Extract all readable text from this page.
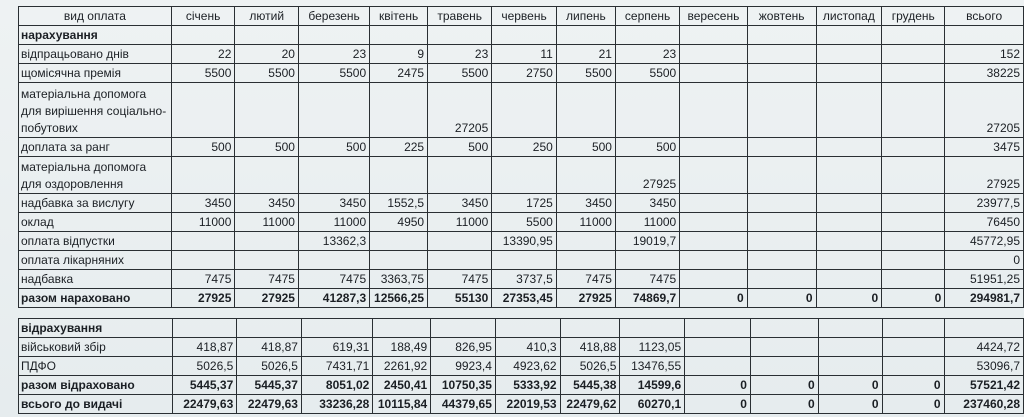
вид оплата	січень	лютий	березень	квітень	травень	червень	липень	серпень	вересень	жовтень	листопад	грудень	всього
нарахування													
відпрацьовано днів	22	20	23	9	23	11	21	23					152
щомісячна премія	5500	5500	5500	2475	5500	2750	5500	5500					38225
матеріальна допомога для вирішення соціально-побутових					27205								27205
доплата за ранг	500	500	500	225	500	250	500	500					3475
матеріальна допомога для оздоровлення								27925					27925
надбавка за вислугу	3450	3450	3450	1552,5	3450	1725	3450	3450					23977,5
оклад	11000	11000	11000	4950	11000	5500	11000	11000					76450
оплата відпустки			13362,3			13390,95		19019,7					45772,95
оплата лікарняних													0
надбавка	7475	7475	7475	3363,75	7475	3737,5	7475	7475					51951,25
разом нараховано	27925	27925	41287,3	12566,25	55130	27353,45	27925	74869,7	0	0	0	0	294981,7
відрахування													
військовий збір	418,87	418,87	619,31	188,49	826,95	410,3	418,88	1123,05					4424,72
ПДФО	5026,5	5026,5	7431,71	2261,92	9923,4	4923,62	5026,5	13476,55					53096,7
разом відраховано	5445,37	5445,37	8051,02	2450,41	10750,35	5333,92	5445,38	14599,6	0	0	0	0	57521,42
всього до видачі	22479,63	22479,63	33236,28	10115,84	44379,65	22019,53	22479,62	60270,1	0	0	0	0	237460,28
